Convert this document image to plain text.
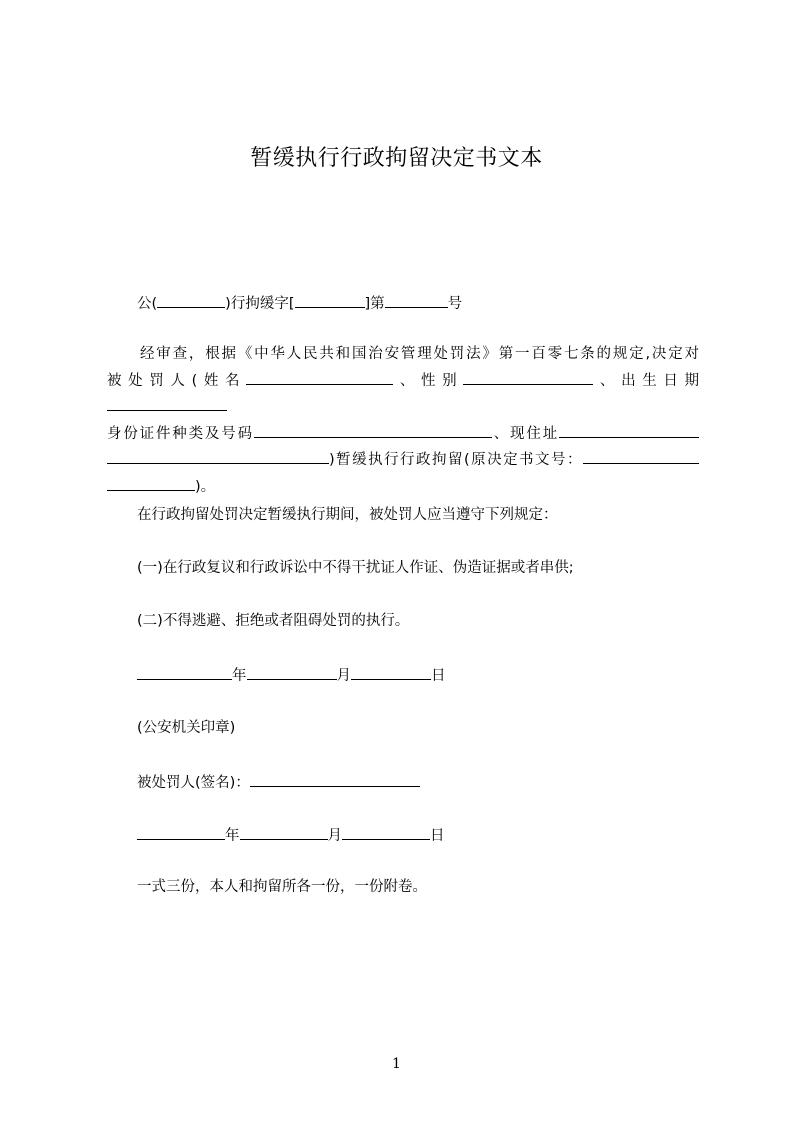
暂缓执行行政拘留决定书文本
公(	)行拘缓字[	]第	号
经审查，根据《中华人民共和国治安管理处罚法》第一百零七条的规定,决定对
被处罚人(姓名	、性别	、出生日期
身份证件种类及号码	、现住址
)暂缓执行行政拘留(原决定书文号：
)。
在行政拘留处罚决定暂缓执行期间，被处罚人应当遵守下列规定：
(一)在行政复议和行政诉讼中不得干扰证人作证、伪造证据或者串供;
(二)不得逃避、拒绝或者阻碍处罚的执行。
年	月	日
(公安机关印章)
被处罚人(签名)：
年	月	日
一式三份，本人和拘留所各一份，一份附卷。
1
